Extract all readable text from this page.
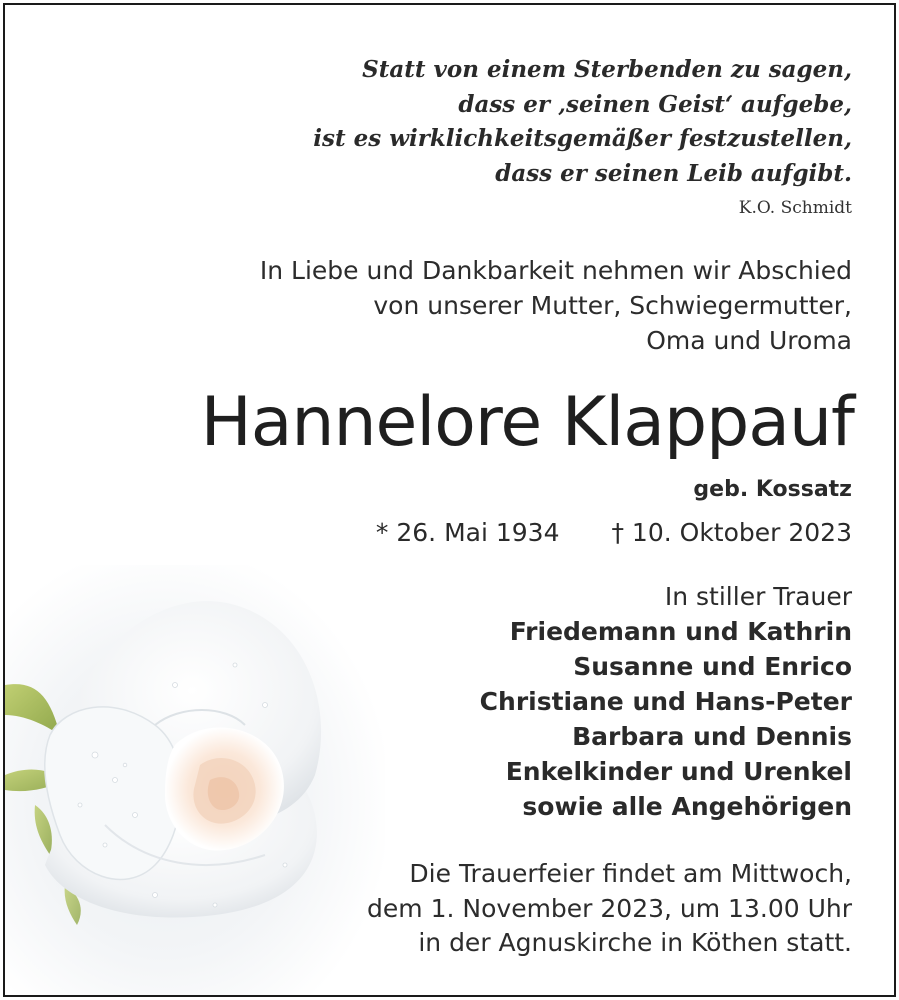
Statt von einem Sterbenden zu sagen,
dass er ‚seinen Geist‘ aufgebe,
ist es wirklichkeitsgemäßer festzustellen,
dass er seinen Leib aufgibt.
K.O. Schmidt
In Liebe und Dankbarkeit nehmen wir Abschied
von unserer Mutter, Schwiegermutter,
Oma und Uroma
Hannelore Klappauf
geb. Kossatz
* 26. Mai 1934 † 10. Oktober 2023
In stiller Trauer
Friedemann und Kathrin
Susanne und Enrico
Christiane und Hans-Peter
Barbara und Dennis
Enkelkinder und Urenkel
sowie alle Angehörigen
Die Trauerfeier findet am Mittwoch,
dem 1. November 2023, um 13.00 Uhr
in der Agnuskirche in Köthen statt.
